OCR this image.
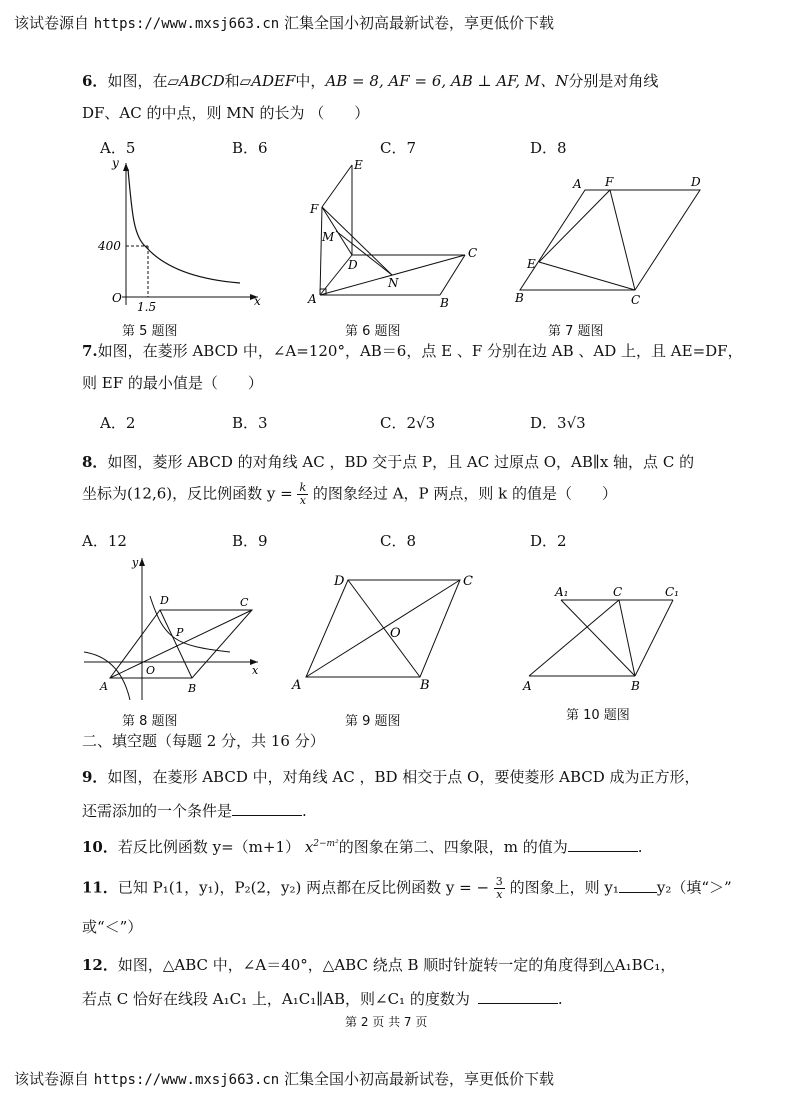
该试卷源自 https://www.mxsj663.cn 汇集全国小初高最新试卷，享更低价下载
6．如图，在▱ABCD和▱ADEF中，AB = 8, AF = 6, AB ⊥ AF, M、N分别是对角线
DF、AC 的中点，则 MN 的长为 （　　）
A．5	B．6	C．7	D．8
y
x
O
400
1.5
第 5 题图
E
F
M
D
C
N
A	B
第 6 题图
A F	D
E
B	C
第 7 题图
7.如图，在菱形 ABCD 中，∠A=120°，AB＝6，点 E 、F 分别在边 AB 、AD 上，且 AE=DF，
则 EF 的最小值是（　　）
A．2	B．3	C．2√3	D．3√3
8．如图，菱形 ABCD 的对角线 AC ，BD 交于点 P，且 AC 过原点 O，AB∥x 轴，点 C 的
坐标为(12,6)，反比例函数 $y = \frac{k}{x}$ 的图象经过 A，P 两点，则 k 的值是（　　）
A．12	B．9	C．8	D．2
y
D	C
P
O	x
A	B
第 8 题图
D	C
O
A	B
第 9 题图
A₁	C	C₁
A	B
第 10 题图
二、填空题（每题 2 分，共 16 分）
9．如图，在菱形 ABCD 中，对角线 AC ，BD 相交于点 O，要使菱形 ABCD 成为正方形，
还需添加的一个条件是	.
10．若反比例函数 y=（m+1） $x^{2-m^2}$的图象在第二、四象限，m 的值为	.
11．已知 P₁(1，y₁)，P₂(2，y₂) 两点都在反比例函数 y = − $\frac{3}{x}$ 的图象上，则 y₁	y₂（填“＞”
或“＜”）
12．如图，△ABC 中，∠A＝40°，△ABC 绕点 B 顺时针旋转一定的角度得到△A₁BC₁，
若点 C 恰好在线段 A₁C₁ 上，A₁C₁∥AB，则∠C₁ 的度数为	.
第 2 页 共 7 页
该试卷源自 https://www.mxsj663.cn 汇集全国小初高最新试卷，享更低价下载
